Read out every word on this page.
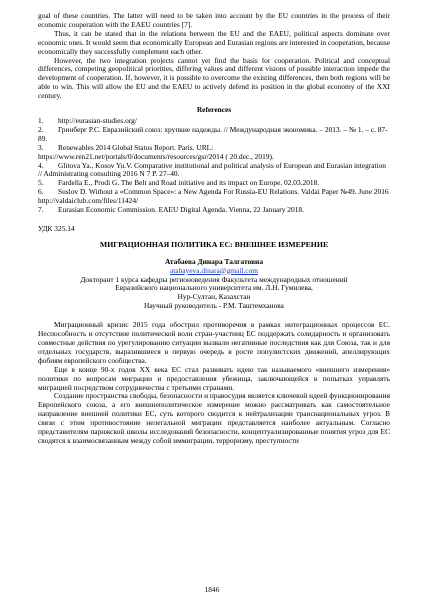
goal of these countries. The latter will need to be taken into account by the EU countries in the process of their economic cooperation with the EAEU countries [7].

Thus, it can be stated that in the relations between the EU and the EAEU, political aspects dominate over economic ones. It would seem that economically European and Eurasian regions are interested in cooperation, because economically they successfully complement each other.

However, the two integration projects cannot yet find the basis for cooperation. Political and conceptual differences, competing geopolitical priorities, differing values and different visions of possible interaction impede the development of cooperation. If, however, it is possible to overcome the existing differences, then both regions will be able to win. This will allow the EU and the EAEU to actively defend its position in the global economy of the XXI century.

References

1. http://eurasian-studies.org/

2. Гринберг Р.С. Евразийский союз: хрупкие надежды. // Международная экономика. – 2013. – № 1. – с. 87-89.

3. Renewables 2014 Global Status Report. Paris. URL: https://www.ren21.net/portals/0/documents/resources/gsr/2014 ( 20.dec., 2019).

4. Glitova Ya., Kosov Yu.V. Comparative institutional and political analysis of European and Eurasian integration // Administrating consulting 2016 N 7 P. 27–40.

5. Fardella E., Prodi G. The Belt and Road initiative and its impact on Europe. 02.03.2018.

6. Suslov D. Without a «Common Space»: a New Agenda For Russia-EU Relations. Valdai Paper №49. June 2016 http://valdaiclub.com/files/11424/

7. Eurasian Economic Commission. EAEU Digital Agenda. Vienna, 22 January 2018.

УДК 325.14

МИГРАЦИОННАЯ ПОЛИТИКА ЕС: ВНЕШНЕЕ ИЗМЕРЕНИЕ

Атабаева Динара Талгатовна

atabayeva.dinara@gmail.com

Докторант 1 курса кафедры регионоведения Факультета международных отношений

Евразийского национального университета им. Л.Н. Гумилева,

Нур-Султан, Казахстан

Научный руководитель - Р.М. Таштемханова

Миграционный кризис 2015 года обострил противоречия в рамках интеграционных процессов ЕС. Неспособность и отсутствие политической воли стран-участниц ЕС поддержать солидарность и организовать совместные действия по урегулированию ситуации вызвали негативные последствия как для Союза, так и для отдельных государств, выразившиеся в первую очередь в росте популистских движений, апеллирующих фобиям европейского сообщества.

Еще в конце 90-х годов XX века ЕС стал развивать идею так называемого «внешнего измерения» политики по вопросам миграции и предоставления убежища, заключающейся в попытках управлять миграцией посредством сотрудничества с третьими странами.

Создание пространства свободы, безопасности и правосудия является ключевой идеей функционирования Европейского союза, а его внешнеполитическое измерение можно рассматривать как самостоятельное направление внешней политики ЕС, суть которого сводится к нейтрализации транснациональных угроз. В связи с этим противостояние нелегальной миграции представляется наиболее актуальным. Согласно представителям парижской школы исследований безопасности, концептуализированные понятия угроз для ЕС сводятся к взаимосвязанным между собой иммиграции, терроризму, преступности

1846
